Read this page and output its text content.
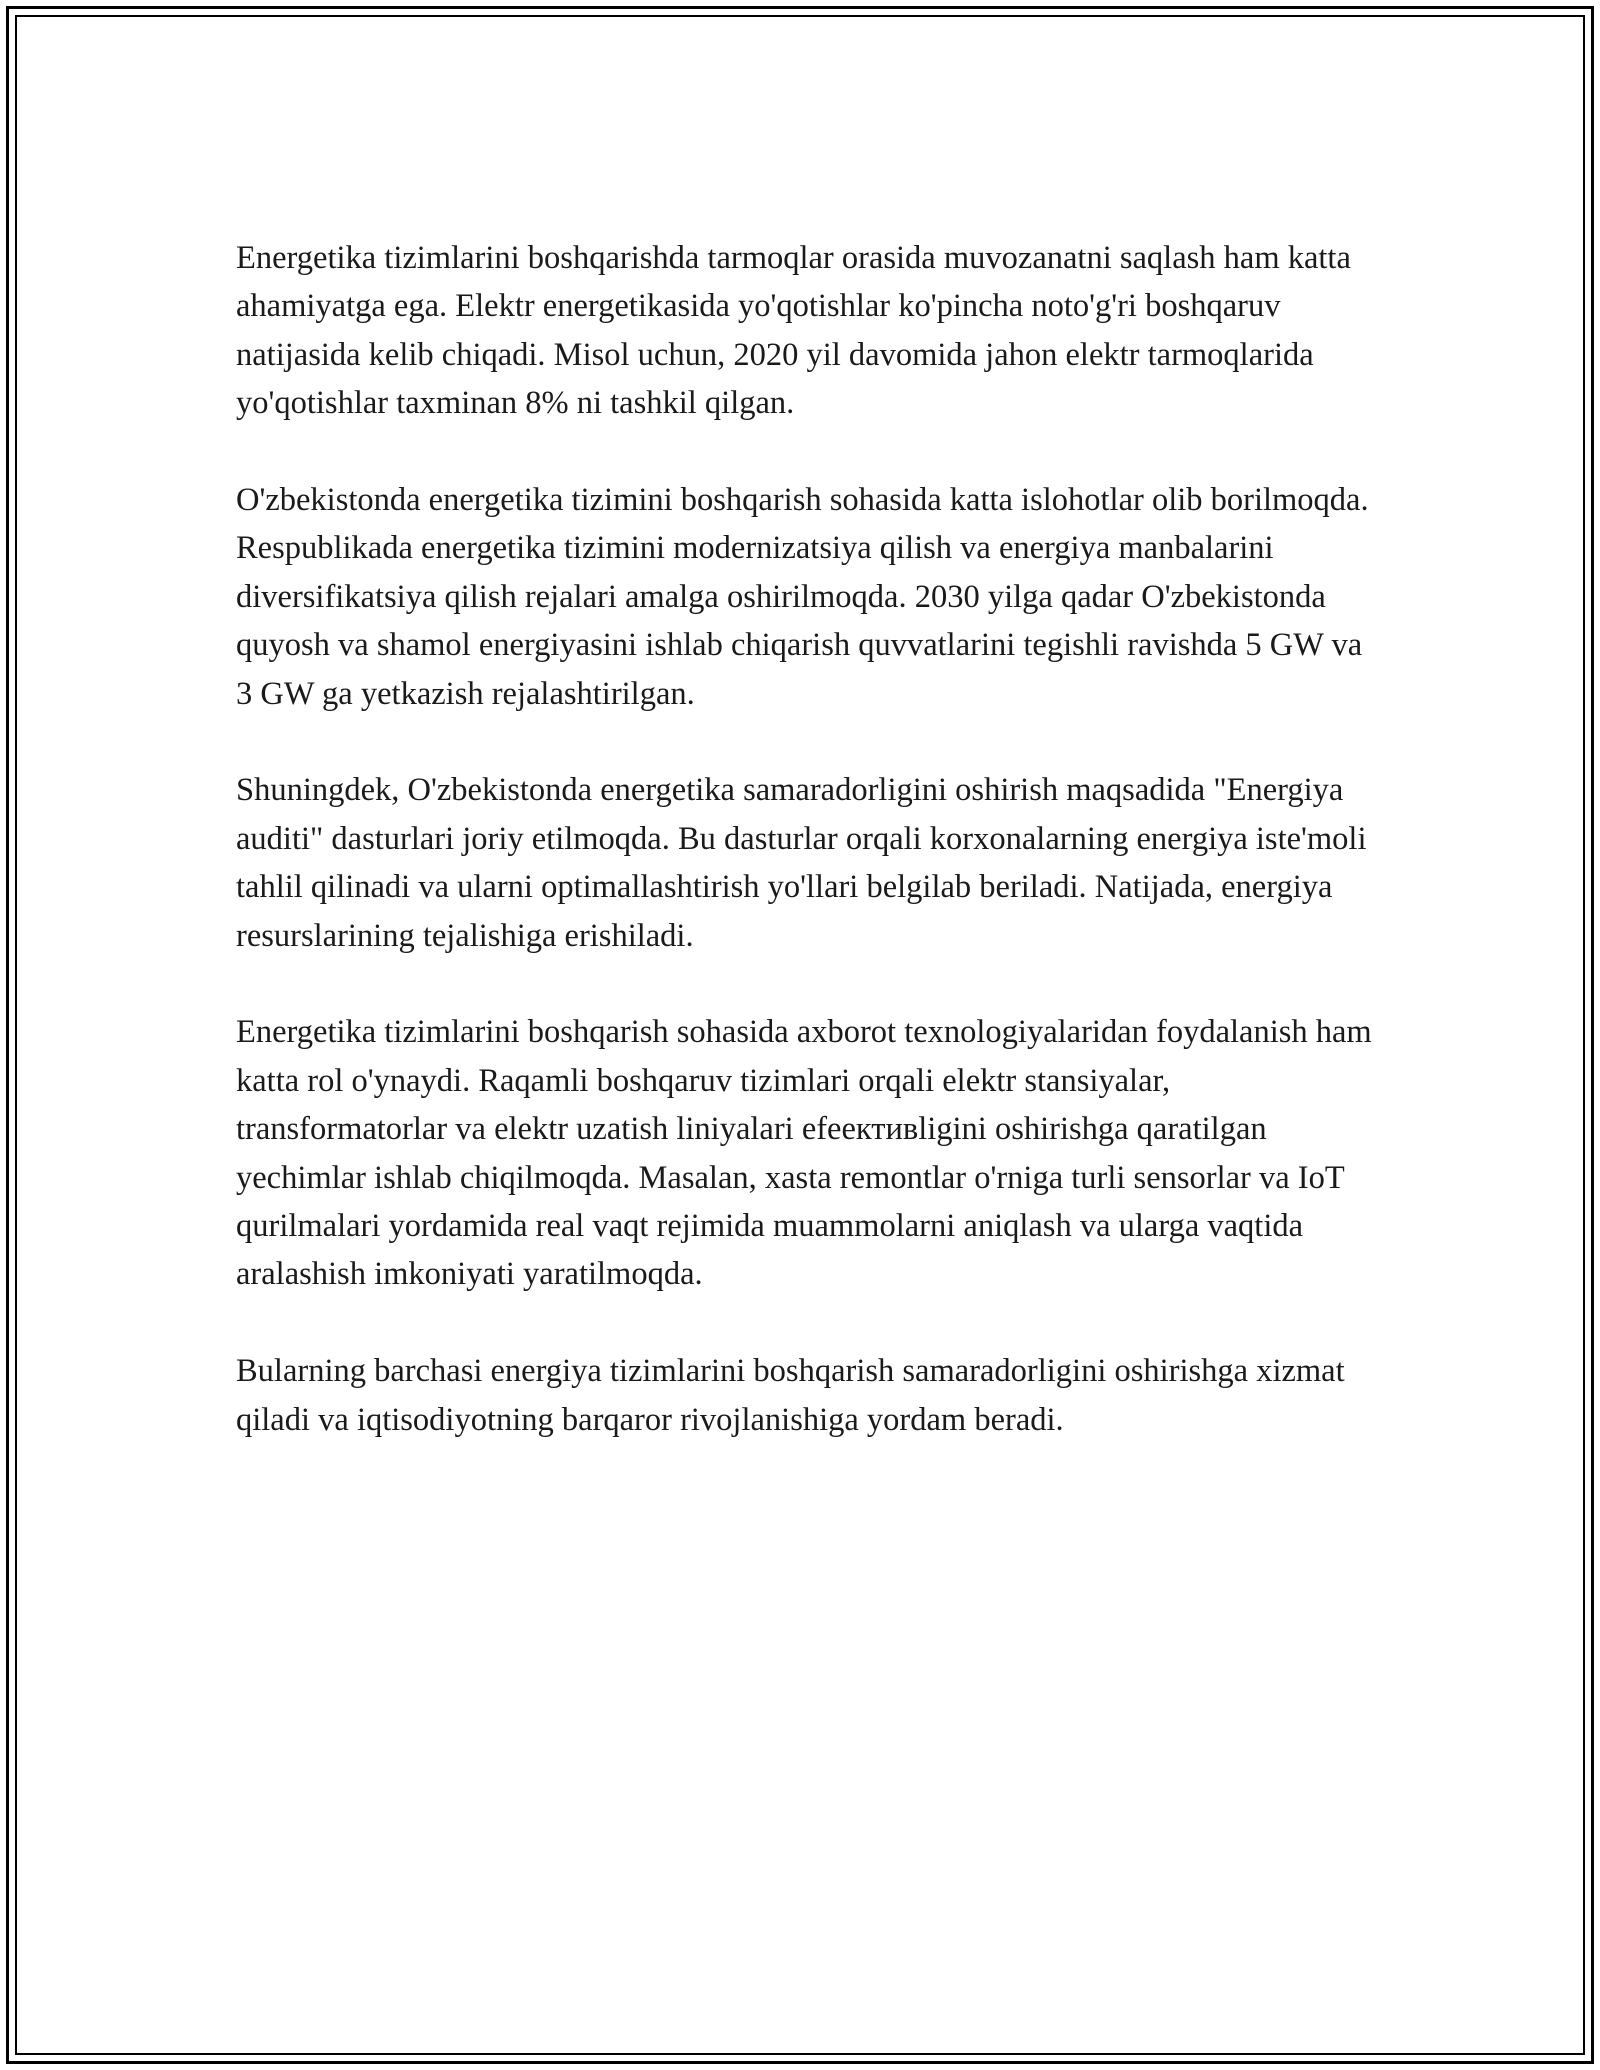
Energetika tizimlarini boshqarishda tarmoqlar orasida muvozanatni saqlash ham katta ahamiyatga ega. Elektr energetikasida yo'qotishlar ko'pincha noto'g'ri boshqaruv natijasida kelib chiqadi. Misol uchun, 2020 yil davomida jahon elektr tarmoqlarida yo'qotishlar taxminan 8% ni tashkil qilgan.

O'zbekistonda energetika tizimini boshqarish sohasida katta islohotlar olib borilmoqda. Respublikada energetika tizimini modernizatsiya qilish va energiya manbalarini diversifikatsiya qilish rejalari amalga oshirilmoqda. 2030 yilga qadar O'zbekistonda quyosh va shamol energiyasini ishlab chiqarish quvvatlarini tegishli ravishda 5 GW va 3 GW ga yetkazish rejalashtirilgan.

Shuningdek, O'zbekistonda energetika samaradorligini oshirish maqsadida "Energiya auditi" dasturlari joriy etilmoqda. Bu dasturlar orqali korxonalarning energiya iste'moli tahlil qilinadi va ularni optimallashtirish yo'llari belgilab beriladi. Natijada, energiya resurslarining tejalishiga erishiladi.

Energetika tizimlarini boshqarish sohasida axborot texnologiyalaridan foydalanish ham katta rol o'ynaydi. Raqamli boshqaruv tizimlari orqali elektr stansiyalar, transformatorlar va elektr uzatish liniyalari efeeктивligini oshirishga qaratilgan yechimlar ishlab chiqilmoqda. Masalan, xasta remontlar o'rniga turli sensorlar va IoT qurilmalari yordamida real vaqt rejimida muammolarni aniqlash va ularga vaqtida aralashish imkoniyati yaratilmoqda.

Bularning barchasi energiya tizimlarini boshqarish samaradorligini oshirishga xizmat qiladi va iqtisodiyotning barqaror rivojlanishiga yordam beradi.
